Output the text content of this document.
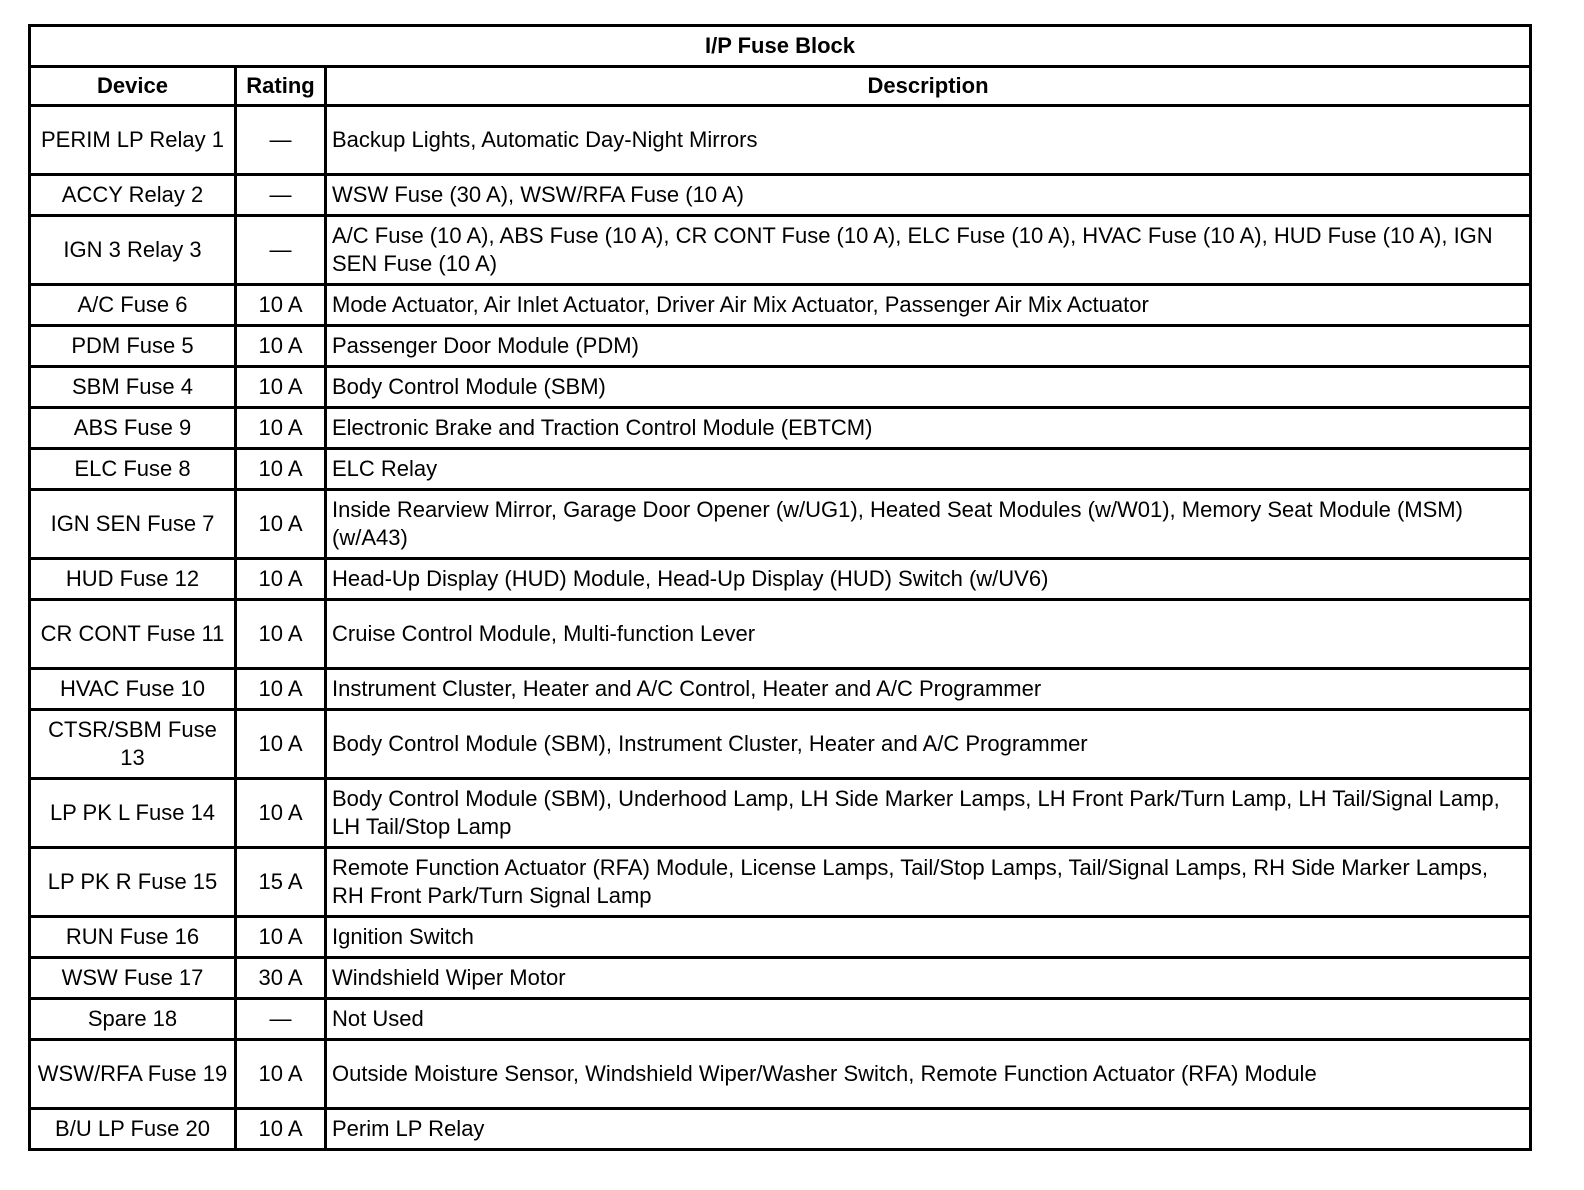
I/P Fuse Block		
Device	Rating	Description
PERIM LP Relay 1	—	Backup Lights, Automatic Day-Night Mirrors
ACCY Relay 2	—	WSW Fuse (30 A), WSW/RFA Fuse (10 A)
IGN 3 Relay 3	—	A/C Fuse (10 A), ABS Fuse (10 A), CR CONT Fuse (10 A), ELC Fuse (10 A), HVAC Fuse (10 A), HUD Fuse (10 A), IGN SEN Fuse (10 A)
A/C Fuse 6	10 A	Mode Actuator, Air Inlet Actuator, Driver Air Mix Actuator, Passenger Air Mix Actuator
PDM Fuse 5	10 A	Passenger Door Module (PDM)
SBM Fuse 4	10 A	Body Control Module (SBM)
ABS Fuse 9	10 A	Electronic Brake and Traction Control Module (EBTCM)
ELC Fuse 8	10 A	ELC Relay
IGN SEN Fuse 7	10 A	Inside Rearview Mirror, Garage Door Opener (w/UG1), Heated Seat Modules (w/W01), Memory Seat Module (MSM) (w/A43)
HUD Fuse 12	10 A	Head-Up Display (HUD) Module, Head-Up Display (HUD) Switch (w/UV6)
CR CONT Fuse 11	10 A	Cruise Control Module, Multi-function Lever
HVAC Fuse 10	10 A	Instrument Cluster, Heater and A/C Control, Heater and A/C Programmer
CTSR/SBM Fuse 13	10 A	Body Control Module (SBM), Instrument Cluster, Heater and A/C Programmer
LP PK L Fuse 14	10 A	Body Control Module (SBM), Underhood Lamp, LH Side Marker Lamps, LH Front Park/Turn Lamp, LH Tail/Signal Lamp, LH Tail/Stop Lamp
LP PK R Fuse 15	15 A	Remote Function Actuator (RFA) Module, License Lamps, Tail/Stop Lamps, Tail/Signal Lamps, RH Side Marker Lamps, RH Front Park/Turn Signal Lamp
RUN Fuse 16	10 A	Ignition Switch
WSW Fuse 17	30 A	Windshield Wiper Motor
Spare 18	—	Not Used
WSW/RFA Fuse 19	10 A	Outside Moisture Sensor, Windshield Wiper/Washer Switch, Remote Function Actuator (RFA) Module
B/U LP Fuse 20	10 A	Perim LP Relay
